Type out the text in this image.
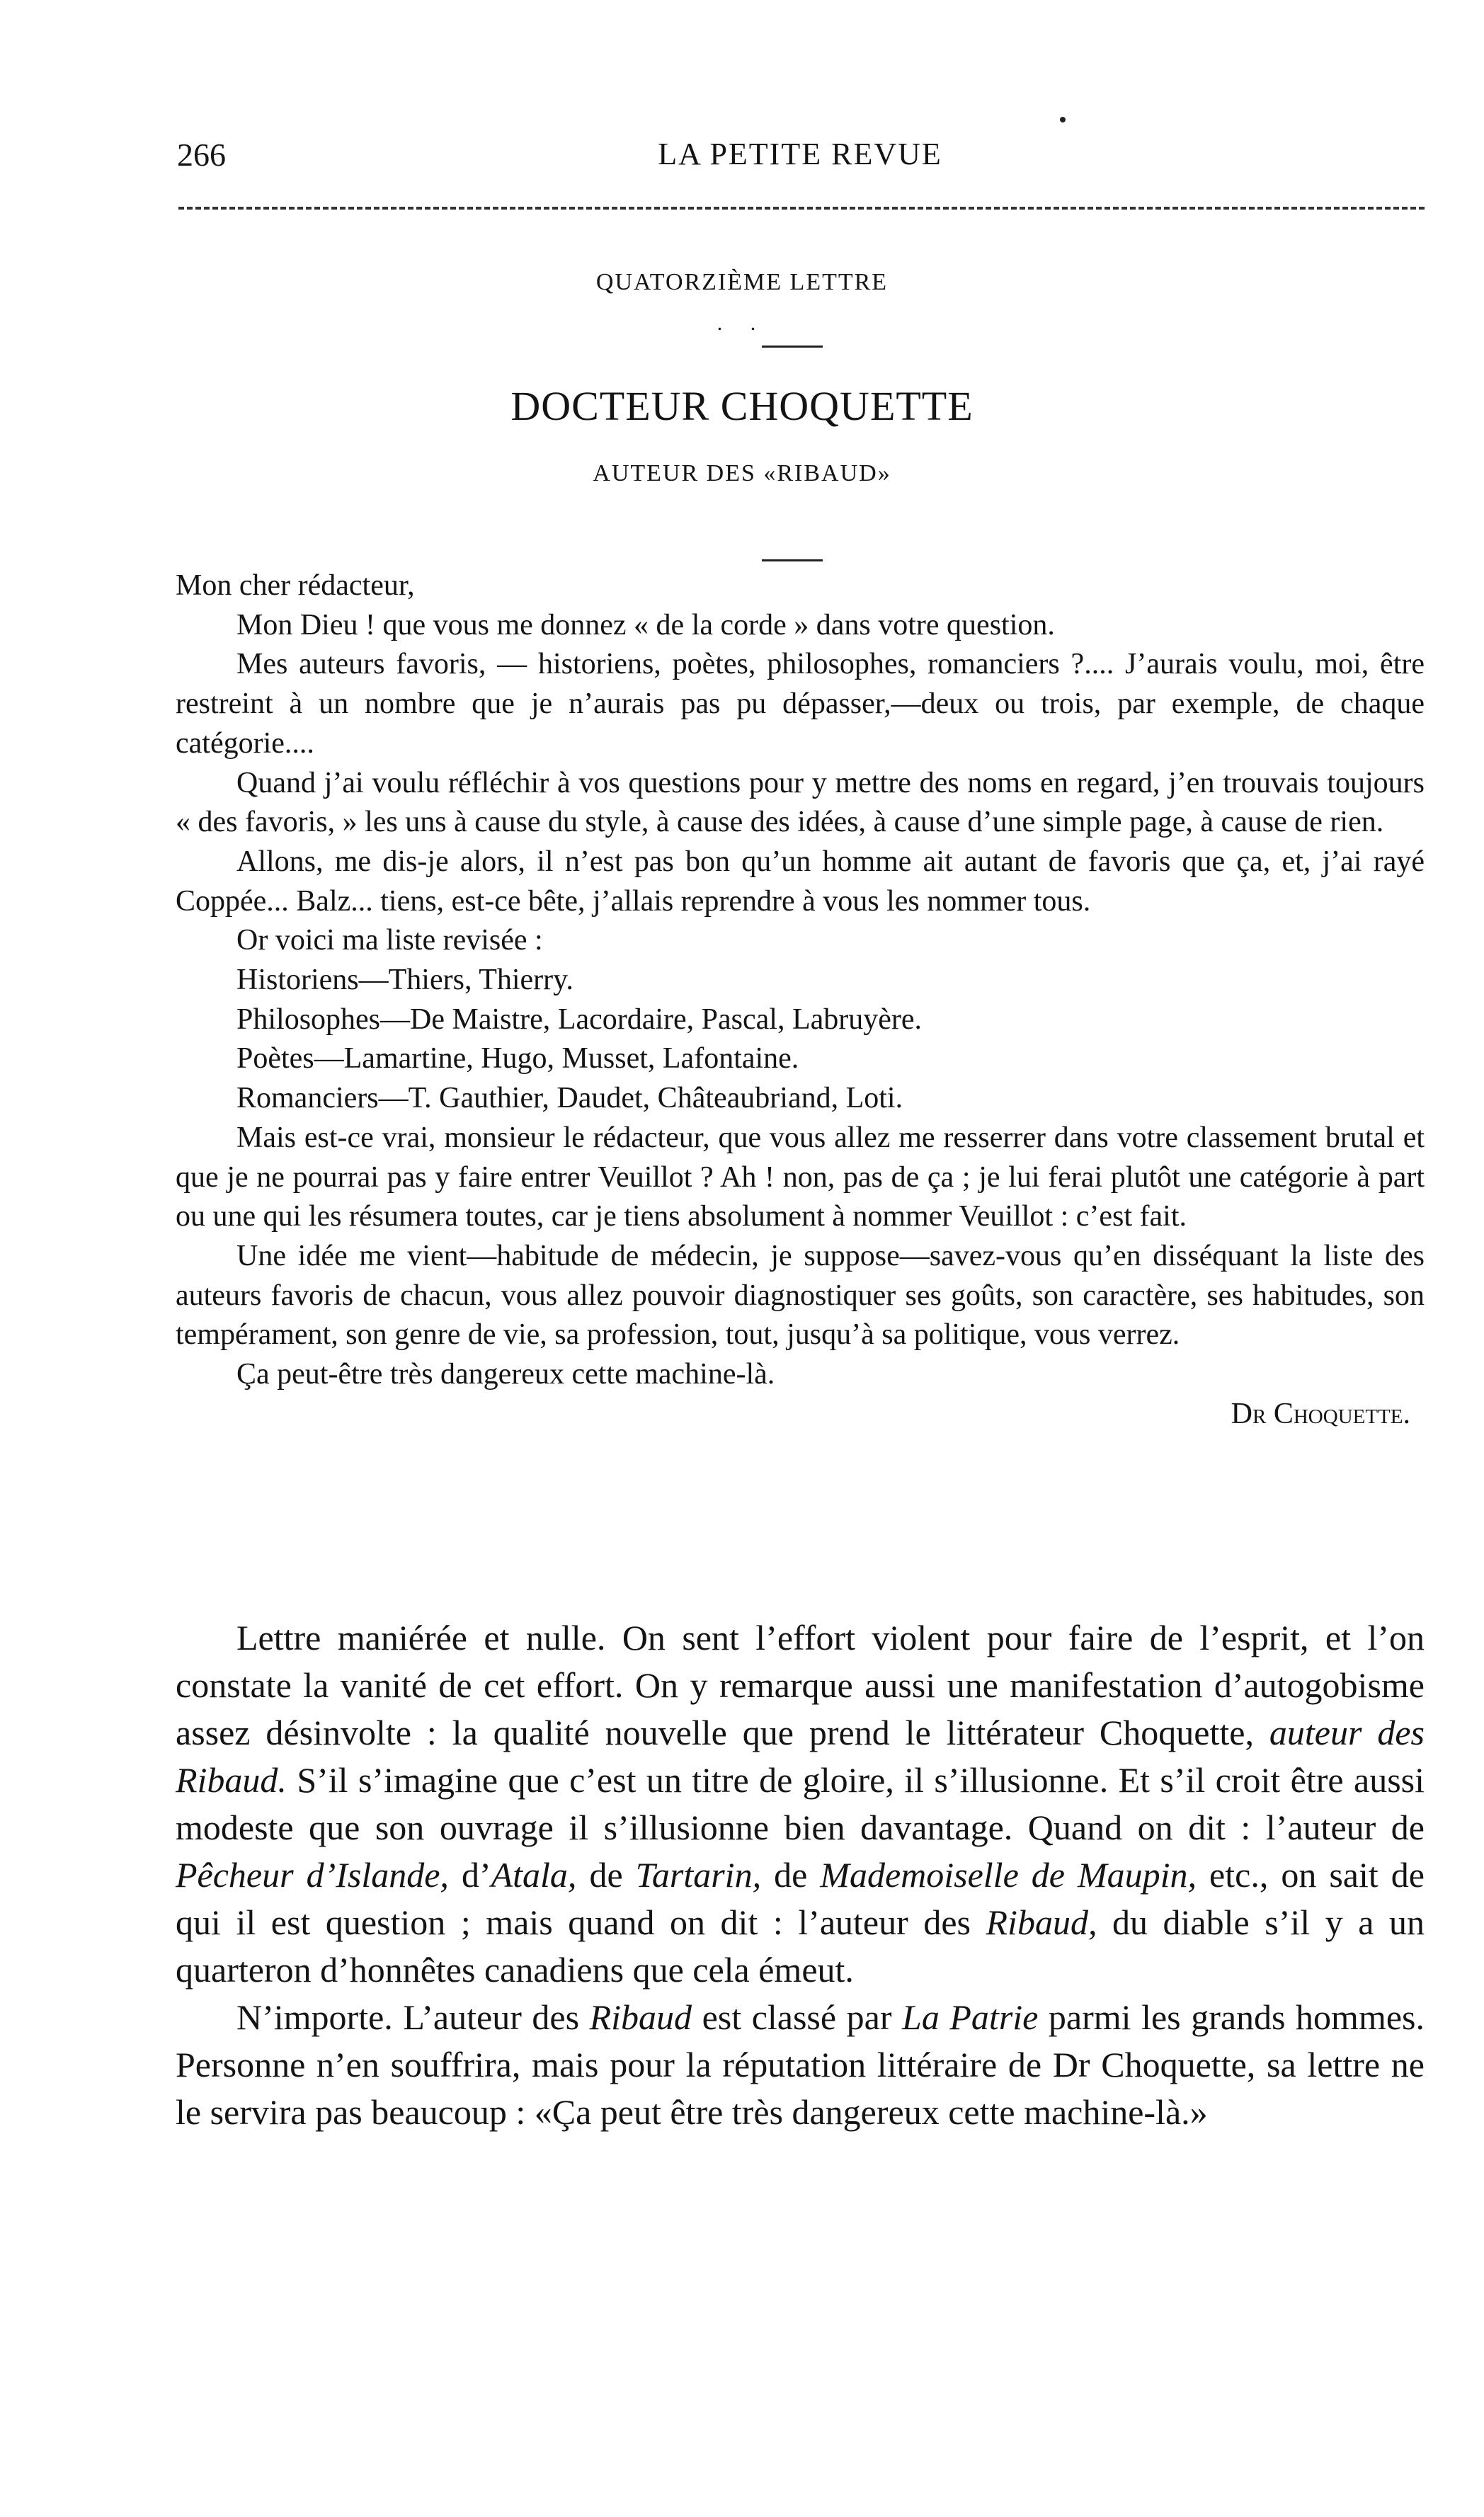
266	LA PETITE REVUE
QUATORZIÈME LETTRE
. .
DOCTEUR CHOQUETTE
AUTEUR DES «RIBAUD»

Mon cher rédacteur,

Mon Dieu ! que vous me donnez « de la corde » dans votre question.

Mes auteurs favoris, — historiens, poètes, philosophes, romanciers ?.... J’aurais voulu, moi, être restreint à un nombre que je n’aurais pas pu dépasser,—deux ou trois, par exemple, de chaque catégorie....

Quand j’ai voulu réfléchir à vos questions pour y mettre des noms en regard, j’en trouvais toujours « des favoris, » les uns à cause du style, à cause des idées, à cause d’une simple page, à cause de rien.

Allons, me dis-je alors, il n’est pas bon qu’un homme ait autant de favoris que ça, et, j’ai rayé Coppée... Balz... tiens, est-ce bête, j’allais reprendre à vous les nommer tous.

Or voici ma liste revisée :

Historiens—Thiers, Thierry.

Philosophes—De Maistre, Lacordaire, Pascal, Labruyère.

Poètes—Lamartine, Hugo, Musset, Lafontaine.

Romanciers—T. Gauthier, Daudet, Châteaubriand, Loti.

Mais est-ce vrai, monsieur le rédacteur, que vous allez me resserrer dans votre classement brutal et que je ne pourrai pas y faire entrer Veuillot ? Ah ! non, pas de ça ; je lui ferai plutôt une catégorie à part ou une qui les résumera toutes, car je tiens absolument à nommer Veuillot : c’est fait.

Une idée me vient—habitude de médecin, je suppose—savez-vous qu’en disséquant la liste des auteurs favoris de chacun, vous allez pouvoir diagnostiquer ses goûts, son caractère, ses habitudes, son tempérament, son genre de vie, sa profession, tout, jusqu’à sa politique, vous verrez.

Ça peut-être très dangereux cette machine-là.

Dr Choquette.

Lettre maniérée et nulle. On sent l’effort violent pour faire de l’esprit, et l’on constate la vanité de cet effort. On y remarque aussi une manifestation d’autogobisme assez désinvolte : la qualité nouvelle que prend le littérateur Choquette, auteur des Ribaud. S’il s’imagine que c’est un titre de gloire, il s’illusionne. Et s’il croit être aussi modeste que son ouvrage il s’illusionne bien davantage. Quand on dit : l’auteur de Pêcheur d’Islande, d’Atala, de Tartarin, de Mademoiselle de Maupin, etc., on sait de qui il est question ; mais quand on dit : l’auteur des Ribaud, du diable s’il y a un quarteron d’honnêtes canadiens que cela émeut.

N’importe. L’auteur des Ribaud est classé par La Patrie parmi les grands hommes. Personne n’en souffrira, mais pour la réputation littéraire de Dr Choquette, sa lettre ne le servira pas beaucoup : «Ça peut être très dangereux cette machine-là.»
